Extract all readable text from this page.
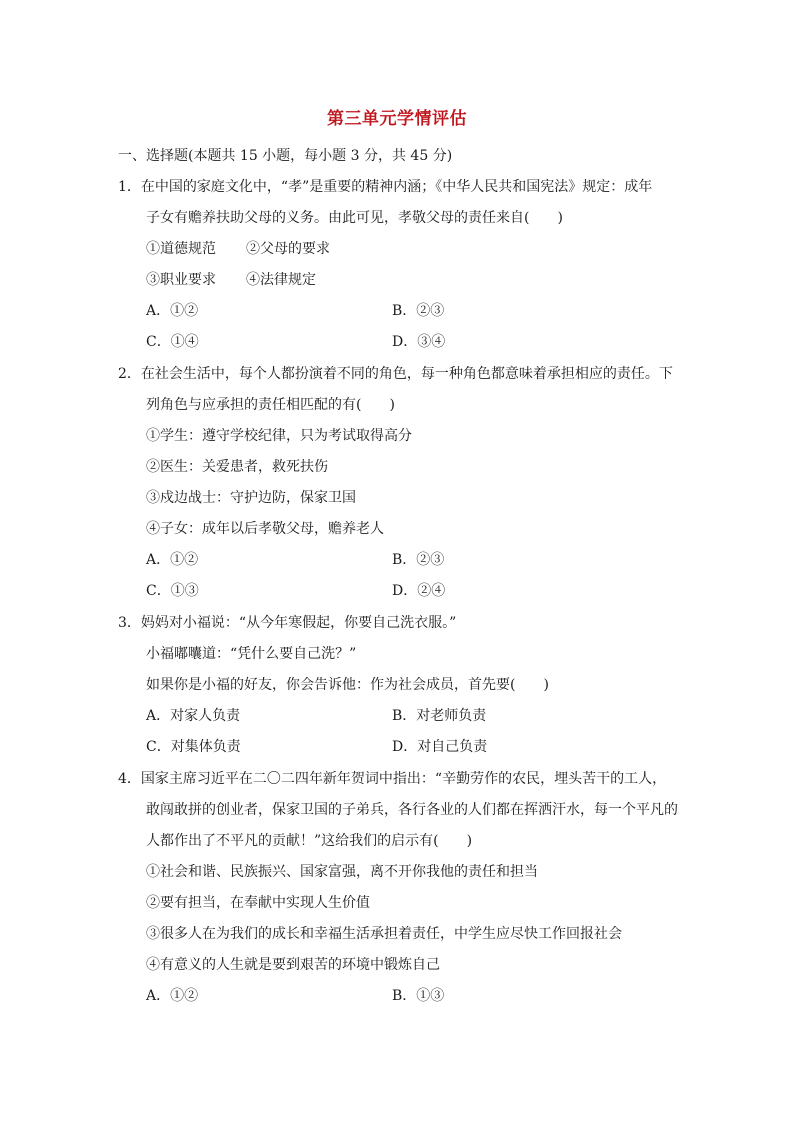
第三单元学情评估
一、选择题(本题共 15 小题，每小题 3 分，共 45 分)
1．在中国的家庭文化中，“孝”是重要的精神内涵；《中华人民共和国宪法》规定：成年
子女有赡养扶助父母的义务。由此可见，孝敬父母的责任来自(　　)
①道德规范 ②父母的要求
③职业要求 ④法律规定
A．①②	B．②③
C．①④	D．③④
2．在社会生活中，每个人都扮演着不同的角色，每一种角色都意味着承担相应的责任。下
列角色与应承担的责任相匹配的有(　　)
①学生：遵守学校纪律，只为考试取得高分
②医生：关爱患者，救死扶伤
③戍边战士：守护边防，保家卫国
④子女：成年以后孝敬父母，赡养老人
A．①②	B．②③
C．①③	D．②④
3．妈妈对小福说：“从今年寒假起，你要自己洗衣服。”
小福嘟囔道：“凭什么要自己洗？”
如果你是小福的好友，你会告诉他：作为社会成员，首先要(　　)
A．对家人负责	B．对老师负责
C．对集体负责	D．对自己负责
4．国家主席习近平在二〇二四年新年贺词中指出：“辛勤劳作的农民，埋头苦干的工人，
敢闯敢拼的创业者，保家卫国的子弟兵，各行各业的人们都在挥洒汗水，每一个平凡的
人都作出了不平凡的贡献！”这给我们的启示有(　　)
①社会和谐、民族振兴、国家富强，离不开你我他的责任和担当
②要有担当，在奉献中实现人生价值
③很多人在为我们的成长和幸福生活承担着责任，中学生应尽快工作回报社会
④有意义的人生就是要到艰苦的环境中锻炼自己
A．①②	B．①③
